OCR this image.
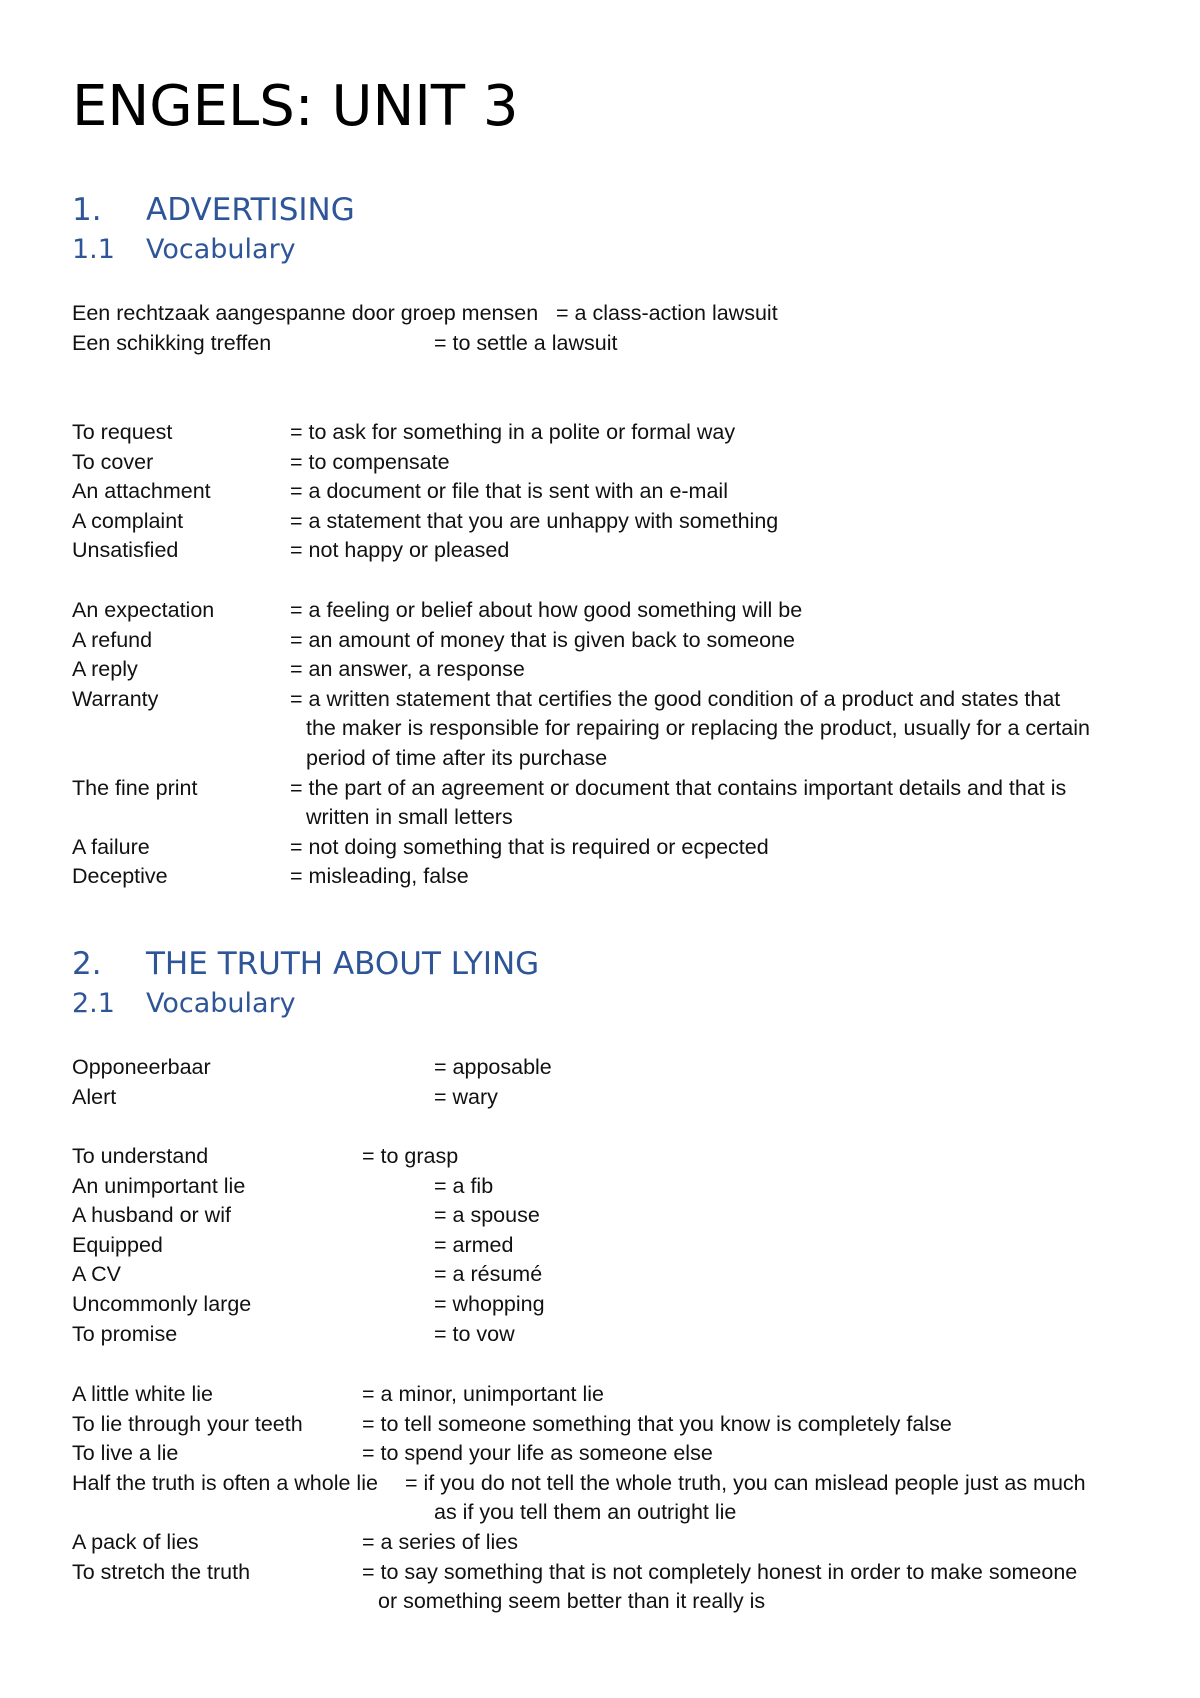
ENGELS: UNIT 3
1. ADVERTISING
1.1 Vocabulary
Een rechtzaak aangespanne door groep mensen = a class-action lawsuit
Een schikking treffen	= to settle a lawsuit
To request	= to ask for something in a polite or formal way
To cover	= to compensate
An attachment	= a document or file that is sent with an e-mail
A complaint	= a statement that you are unhappy with something
Unsatisfied	= not happy or pleased
An expectation	= a feeling or belief about how good something will be
A refund	= an amount of money that is given back to someone
A reply	= an answer, a response
Warranty	= a written statement that certifies the good condition of a product and states that
the maker is responsible for repairing or replacing the product, usually for a certain
period of time after its purchase
The fine print	= the part of an agreement or document that contains important details and that is
written in small letters
A failure	= not doing something that is required or ecpected
Deceptive	= misleading, false
2. THE TRUTH ABOUT LYING
2.1 Vocabulary
Opponeerbaar	= apposable
Alert	= wary
To understand	= to grasp
An unimportant lie	= a fib
A husband or wif	= a spouse
Equipped	= armed
A CV	= a résumé
Uncommonly large	= whopping
To promise	= to vow
A little white lie	= a minor, unimportant lie
To lie through your teeth	= to tell someone something that you know is completely false
To live a lie	= to spend your life as someone else
Half the truth is often a whole lie = if you do not tell the whole truth, you can mislead people just as much
as if you tell them an outright lie
A pack of lies	= a series of lies
To stretch the truth	= to say something that is not completely honest in order to make someone
or something seem better than it really is
